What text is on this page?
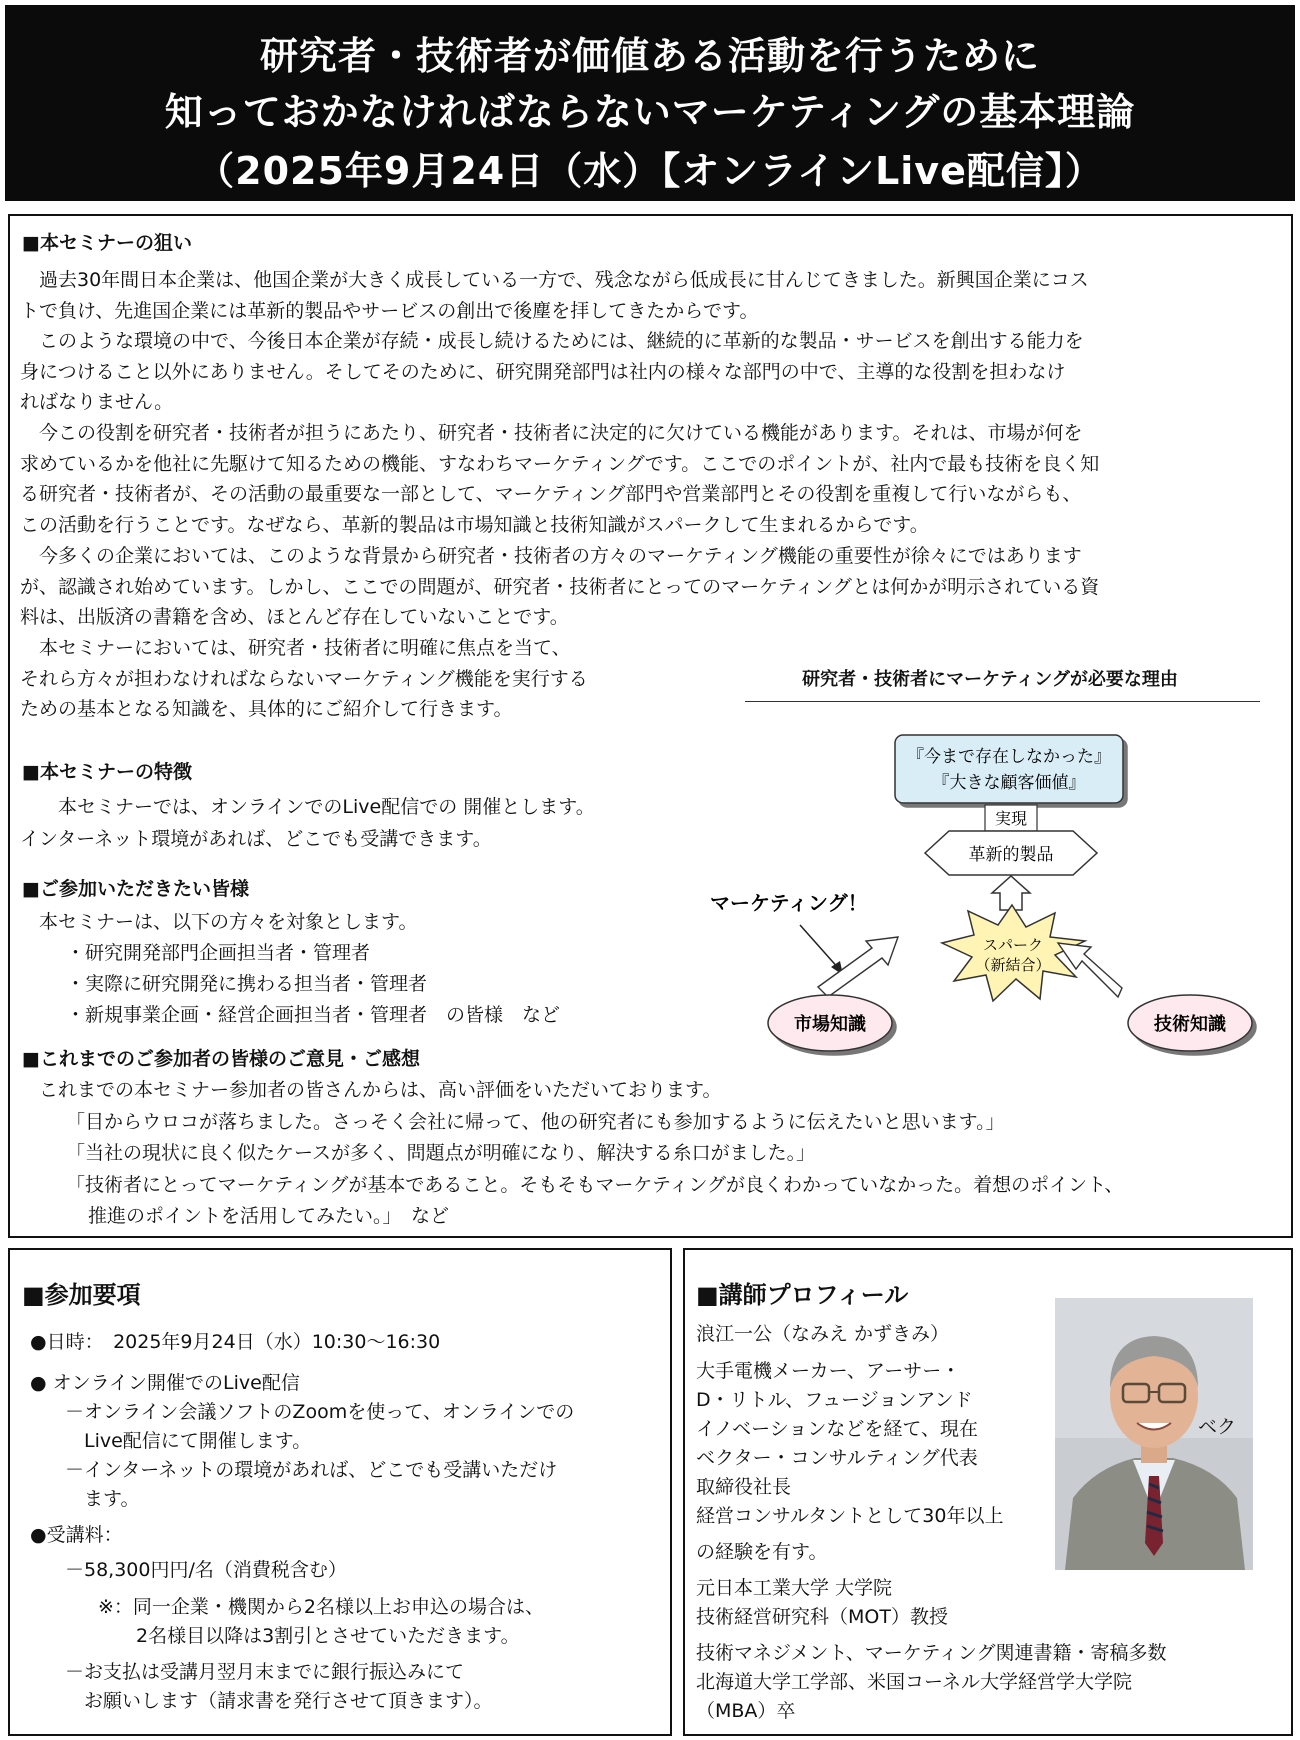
研究者・技術者が価値ある活動を行うために
知っておかなければならないマーケティングの基本理論
（2025年9月24日（水）【オンラインLive配信】）
■本セミナーの狙い
　過去30年間日本企業は、他国企業が大きく成長している一方で、残念ながら低成長に甘んじてきました。新興国企業にコス
トで負け、先進国企業には革新的製品やサービスの創出で後塵を拝してきたからです。
　このような環境の中で、今後日本企業が存続・成長し続けるためには、継続的に革新的な製品・サービスを創出する能力を
身につけること以外にありません。そしてそのために、研究開発部門は社内の様々な部門の中で、主導的な役割を担わなけ
ればなりません。
　今この役割を研究者・技術者が担うにあたり、研究者・技術者に決定的に欠けている機能があります。それは、市場が何を
求めているかを他社に先駆けて知るための機能、すなわちマーケティングです。ここでのポイントが、社内で最も技術を良く知
る研究者・技術者が、その活動の最重要な一部として、マーケティング部門や営業部門とその役割を重複して行いながらも、
この活動を行うことです。なぜなら、革新的製品は市場知識と技術知識がスパークして生まれるからです。
　今多くの企業においては、このような背景から研究者・技術者の方々のマーケティング機能の重要性が徐々にではあります
が、認識され始めています。しかし、ここでの問題が、研究者・技術者にとってのマーケティングとは何かが明示されている資
料は、出版済の書籍を含め、ほとんど存在していないことです。
　本セミナーにおいては、研究者・技術者に明確に焦点を当て、
それら方々が担わなければならないマーケティング機能を実行する
ための基本となる知識を、具体的にご紹介して行きます。
■本セミナーの特徴
　　本セミナーでは、オンラインでのLive配信での 開催とします。
インターネット環境があれば、どこでも受講できます。
■ご参加いただきたい皆様
　本セミナーは、以下の方々を対象とします。
・研究開発部門企画担当者・管理者
・実際に研究開発に携わる担当者・管理者
・新規事業企画・経営企画担当者・管理者　の皆様　など
■これまでのご参加者の皆様のご意見・ご感想
　これまでの本セミナー参加者の皆さんからは、高い評価をいただいております。
「目からウロコが落ちました。さっそく会社に帰って、他の研究者にも参加するように伝えたいと思います。」
「当社の現状に良く似たケースが多く、問題点が明確になり、解決する糸口がました。」
「技術者にとってマーケティングが基本であること。そもそもマーケティングが良くわかっていなかった。着想のポイント、
推進のポイントを活用してみたい。」　など
研究者・技術者にマーケティングが必要な理由
『今まで存在しなかった』
『大きな顧客価値』
実現
革新的製品
スパーク
（新結合）
マーケティング！
市場知識	技術知識
■参加要項
●日時：　2025年9月24日（水）10:30～16:30
● オンライン開催でのLive配信
－オンライン会議ソフトのZoomを使って、オンラインでの
　Live配信にて開催します。
－インターネットの環境があれば、どこでも受講いただけ
　ます。
●受講料：
－58,300円円/名（消費税含む）
※：同一企業・機関から2名様以上お申込の場合は、
　　2名様目以降は3割引とさせていただきます。
－お支払は受講月翌月末までに銀行振込みにて
　お願いします（請求書を発行させて頂きます）。
■講師プロフィール
浪江一公（なみえ かずきみ）
大手電機メーカー、アーサー・
D・リトル、フュージョンアンド
イノベーションなどを経て、現在
ベクター・コンサルティング代表
取締役社長
経営コンサルタントとして30年以上
の経験を有す。
元日本工業大学 大学院
技術経営研究科（MOT）教授
技術マネジメント、マーケティング関連書籍・寄稿多数
北海道大学工学部、米国コーネル大学経営学大学院
（MBA）卒
ベク
